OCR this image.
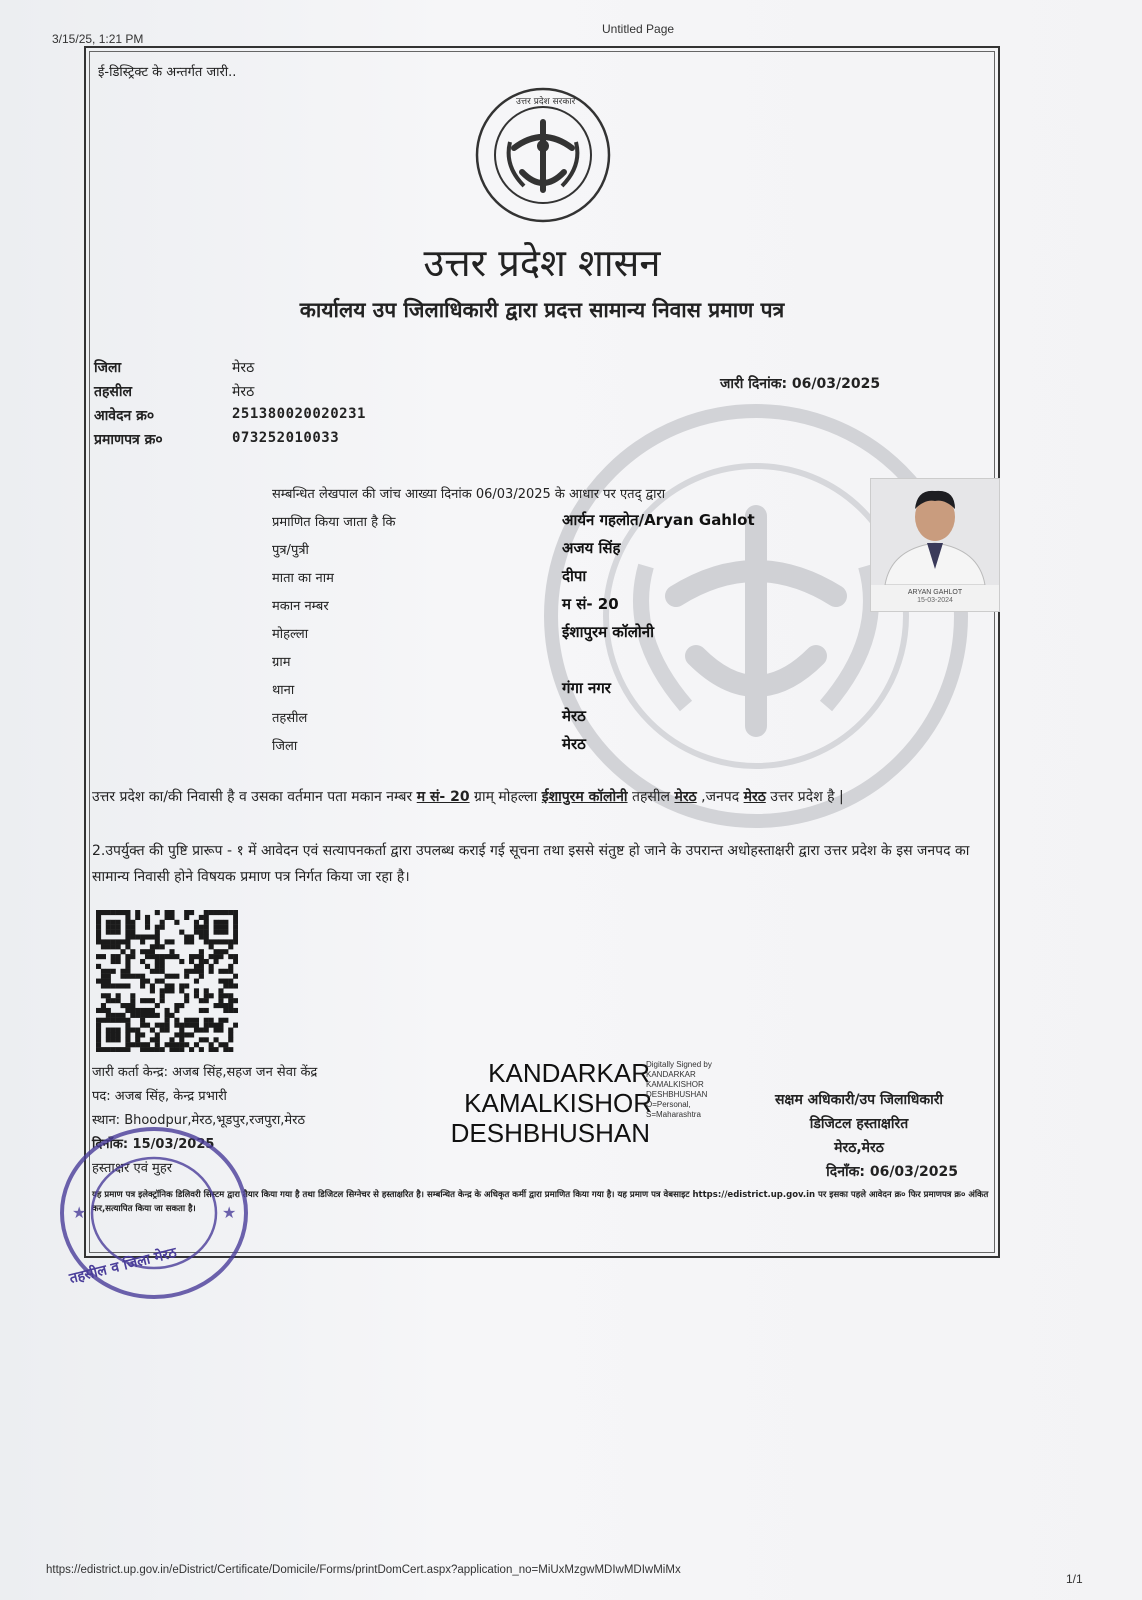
3/15/25, 1:21 PM
Untitled Page
ई-डिस्ट्रिक्ट के अन्तर्गत जारी..
उत्तर प्रदेश सरकार
उत्तर प्रदेश शासन
कार्यालय उप जिलाधिकारी द्वारा प्रदत्त सामान्य निवास प्रमाण पत्र
जिला	मेरठ
तहसील	मेरठ
आवेदन क्र०	251380020020231
प्रमाणपत्र क्र०	07325201003З
जारी दिनांक: 06/03/2025
सम्बन्धित लेखपाल की जांच आख्या दिनांक 06/03/2025 के आधार पर एतद् द्वारा
प्रमाणित किया जाता है कि	आर्यन गहलोत/Aryan Gahlot
पुत्र/पुत्री	अजय सिंह
माता का नाम	दीपा
मकान नम्बर	म सं- 20
मोहल्ला	ईशापुरम कॉलोनी
ग्राम
थाना	गंगा नगर
तहसील	मेरठ
जिला	मेरठ
ARYAN GAHLOT
15-03-2024
उत्तर प्रदेश का/की निवासी है व उसका वर्तमान पता मकान नम्बर म सं- 20 ग्राम् मोहल्ला ईशापुरम कॉलोनी तहसील मेरठ ,जनपद मेरठ उत्तर प्रदेश है |
2.उपर्युक्त की पुष्टि प्रारूप - १ में आवेदन एवं सत्यापनकर्ता द्वारा उपलब्ध कराई गई सूचना तथा इससे संतुष्ट हो जाने के उपरान्त अधोहस्ताक्षरी द्वारा उत्तर प्रदेश के इस जनपद का सामान्य निवासी होने विषयक प्रमाण पत्र निर्गत किया जा रहा है।
जारी कर्ता केन्द्र: अजब सिंह,सहज जन सेवा केंद्र
पद: अजब सिंह, केन्द्र प्रभारी
स्थान: Bhoodpur,मेरठ,भूडपुर,रजपुरा,मेरठ
दिनाँक: 15/03/2025
हस्ताक्षर एवं मुहर
KANDARKAR
KAMALKISHOR
DESHBHUSHAN
Digitally Signed by
KANDARKAR
KAMALKISHOR
DESHBHUSHAN
O=Personal,
S=Maharashtra
सक्षम अधिकारी/उप जिलाधिकारी
डिजिटल हस्ताक्षरित
मेरठ,मेरठ
दिनाँक: 06/03/2025
यह प्रमाण पत्र इलेक्ट्रॉनिक डिलिवरी सिस्टम द्वारा तैयार किया गया है तथा डिजिटल सिग्नेचर से हस्ताक्षरित है। सम्बन्धित केन्द्र के अधिकृत कर्मी द्वारा प्रमाणित किया गया है। यह प्रमाण पत्र वेबसाइट https://edistrict.up.gov.in पर इसका पहले आवेदन क्र० फिर प्रमाणपत्र क्र० अंकित कर,सत्यापित किया जा सकता है।
★	★
तहसील व जिला मेरठ
https://edistrict.up.gov.in/eDistrict/Certificate/Domicile/Forms/printDomCert.aspx?application_no=MiUxMzgwMDIwMDIwMiMx
1/1
